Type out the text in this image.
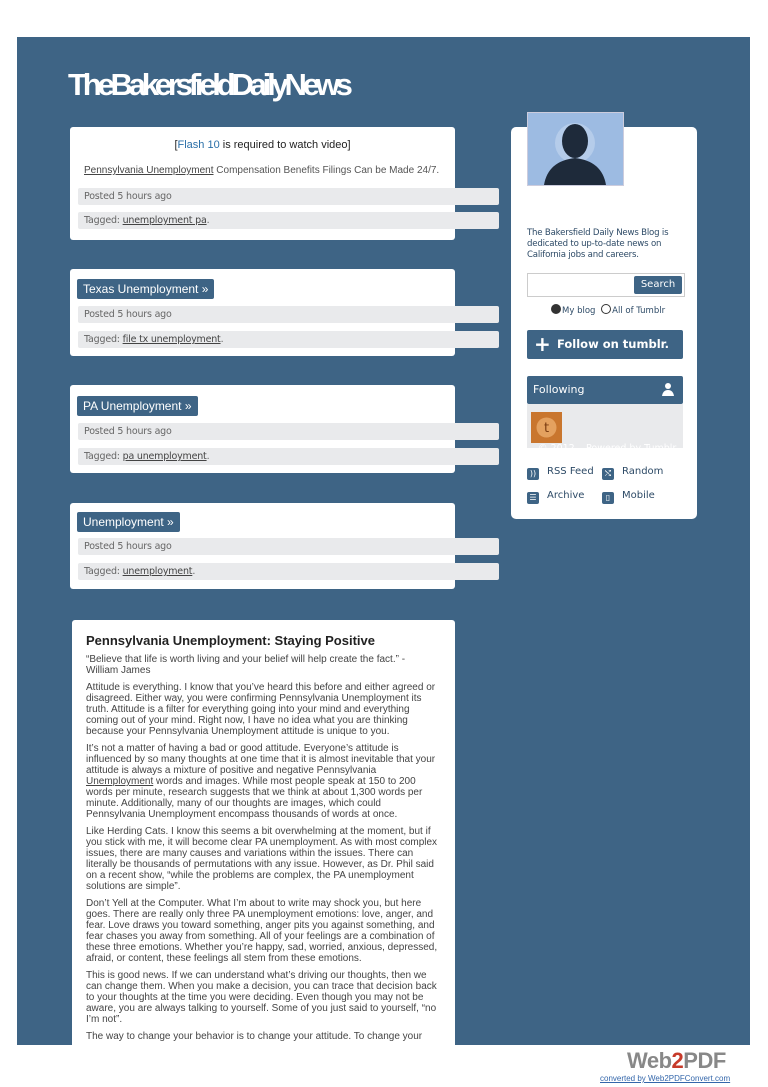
TheBakersfieldDailyNews
[Flash 10 is required to watch video]
Pennsylvania Unemployment Compensation Benefits Filings Can be Made 24/7.
Posted 5 hours ago
Tagged: unemployment pa.
Texas Unemployment »
Posted 5 hours ago
Tagged: file tx unemployment.
PA Unemployment »
Posted 5 hours ago
Tagged: pa unemployment.
Unemployment »
Posted 5 hours ago
Tagged: unemployment.
Pennsylvania Unemployment: Staying Positive

“Believe that life is worth living and your belief will help create the fact.” - William James

Attitude is everything. I know that you’ve heard this before and either agreed or disagreed. Either way, you were confirming Pennsylvania Unemployment its truth. Attitude is a filter for everything going into your mind and everything coming out of your mind. Right now, I have no idea what you are thinking because your Pennsylvania Unemployment attitude is unique to you.

It’s not a matter of having a bad or good attitude. Everyone’s attitude is influenced by so many thoughts at one time that it is almost inevitable that your attitude is always a mixture of positive and negative Pennsylvania Unemployment words and images. While most people speak at 150 to 200 words per minute, research suggests that we think at about 1,300 words per minute. Additionally, many of our thoughts are images, which could Pennsylvania Unemployment encompass thousands of words at once.

Like Herding Cats. I know this seems a bit overwhelming at the moment, but if you stick with me, it will become clear PA unemployment. As with most complex issues, there are many causes and variations within the issues. There can literally be thousands of permutations with any issue. However, as Dr. Phil said on a recent show, “while the problems are complex, the PA unemployment solutions are simple”.

Don’t Yell at the Computer. What I’m about to write may shock you, but here goes. There are really only three PA unemployment emotions: love, anger, and fear. Love draws you toward something, anger pits you against something, and fear chases you away from something. All of your feelings are a combination of these three emotions. Whether you’re happy, sad, worried, anxious, depressed, afraid, or content, these feelings all stem from these emotions.

This is good news. If we can understand what’s driving our thoughts, then we can change them. When you make a decision, you can trace that decision back to your thoughts at the time you were deciding. Even though you may not be aware, you are always talking to yourself. Some of you just said to yourself, “no I’m not”.

The way to change your behavior is to change your attitude. To change your

The Bakersfield Daily News Blog is dedicated to up-to-date news on California jobs and careers.
Search
My blog All of Tumblr
+ Follow on tumblr.
Following
t
)) RSS Feed	⤭ Random
☰ Archive	▯ Mobile
© 2012 Powered by Tumblr
Web2PDF
converted by Web2PDFConvert.com
